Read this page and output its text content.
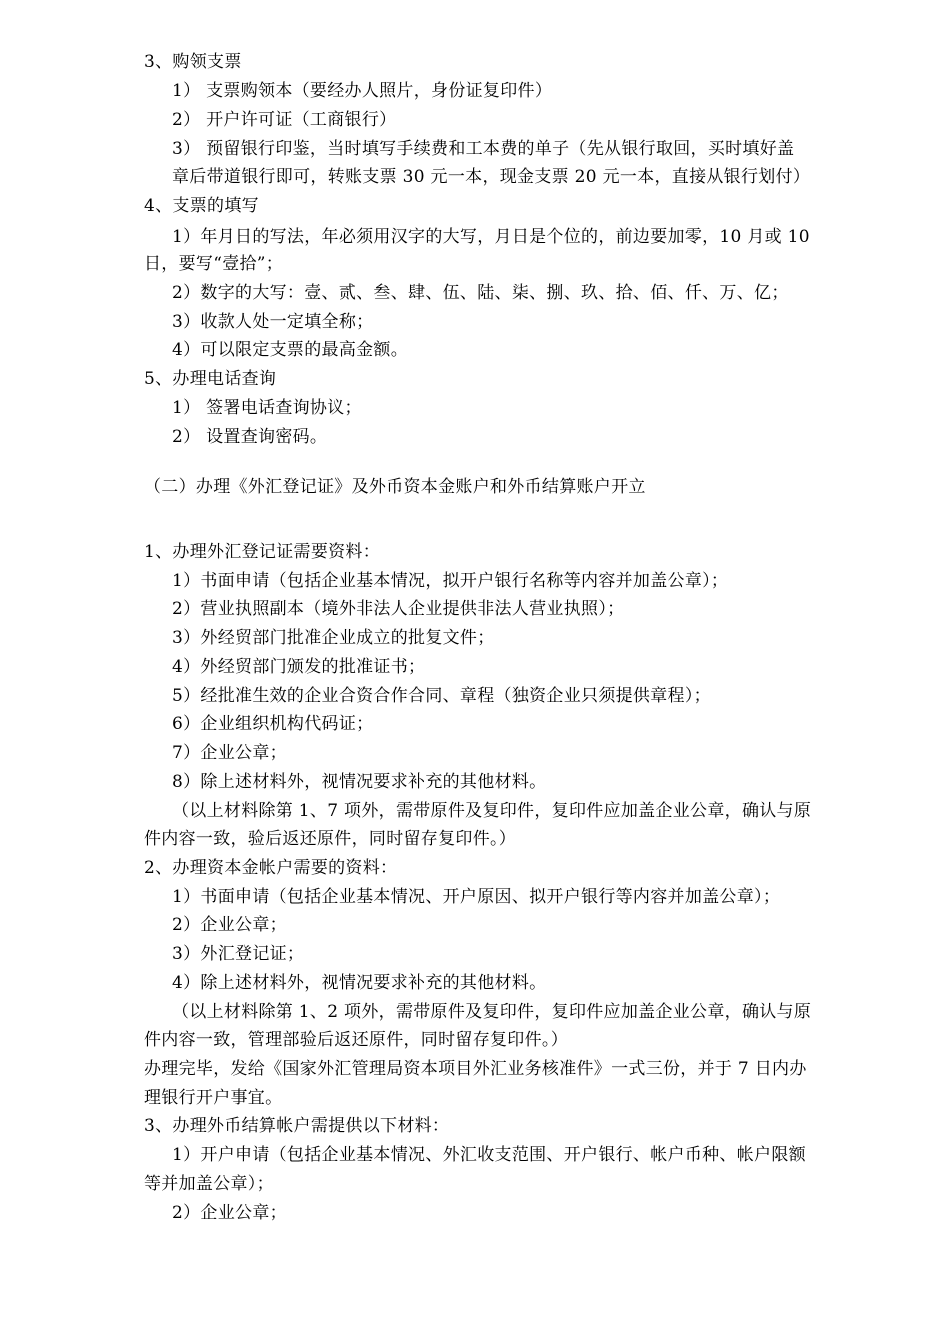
3、购领支票
1） 支票购领本（要经办人照片，身份证复印件）
2） 开户许可证（工商银行）
3） 预留银行印鉴，当时填写手续费和工本费的单子（先从银行取回，买时填好盖
章后带道银行即可，转账支票 30 元一本，现金支票 20 元一本，直接从银行划付）
4、支票的填写
1）年月日的写法，年必须用汉字的大写，月日是个位的，前边要加零，10 月或 10
日，要写“壹拾”；
2）数字的大写：壹、贰、叁、肆、伍、陆、柒、捌、玖、拾、佰、仟、万、亿；
3）收款人处一定填全称；
4）可以限定支票的最高金额。
5、办理电话查询
1） 签署电话查询协议；
2） 设置查询密码。
（二）办理《外汇登记证》及外币资本金账户和外币结算账户开立
1、办理外汇登记证需要资料：
1）书面申请（包括企业基本情况，拟开户银行名称等内容并加盖公章）；
2）营业执照副本（境外非法人企业提供非法人营业执照）；
3）外经贸部门批准企业成立的批复文件；
4）外经贸部门颁发的批准证书；
5）经批准生效的企业合资合作合同、章程（独资企业只须提供章程）；
6）企业组织机构代码证；
7）企业公章；
8）除上述材料外，视情况要求补充的其他材料。
（以上材料除第 1、7 项外，需带原件及复印件，复印件应加盖企业公章，确认与原
件内容一致，验后返还原件，同时留存复印件。）
2、办理资本金帐户需要的资料：
1）书面申请（包括企业基本情况、开户原因、拟开户银行等内容并加盖公章）；
2）企业公章；
3）外汇登记证；
4）除上述材料外，视情况要求补充的其他材料。
（以上材料除第 1、2 项外，需带原件及复印件，复印件应加盖企业公章，确认与原
件内容一致，管理部验后返还原件，同时留存复印件。）
办理完毕，发给《国家外汇管理局资本项目外汇业务核准件》一式三份，并于 7 日内办
理银行开户事宜。
3、办理外币结算帐户需提供以下材料：
1）开户申请（包括企业基本情况、外汇收支范围、开户银行、帐户币种、帐户限额
等并加盖公章）；
2）企业公章；
